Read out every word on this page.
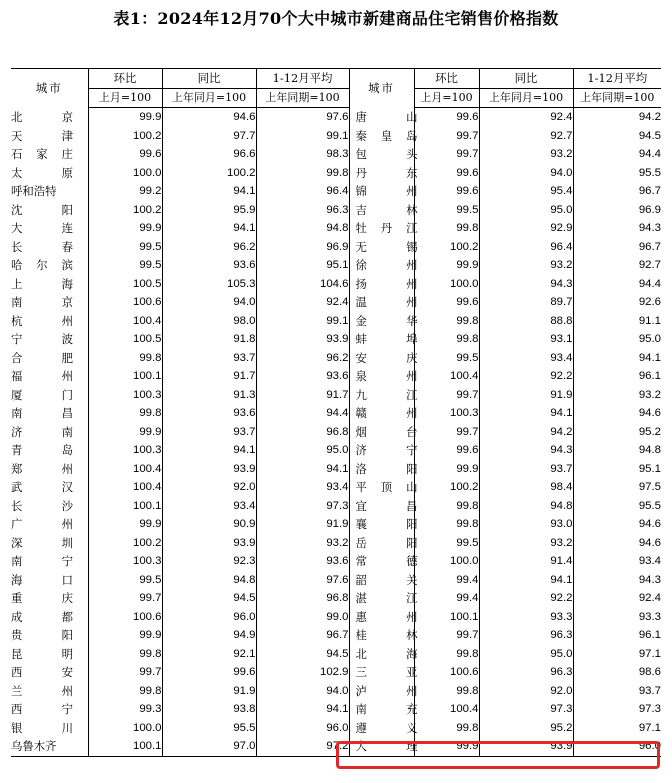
表1：2024年12月70个大中城市新建商品住宅销售价格指数
城市	环比	同比	1-12月平均	城市	环比	同比	1-12月平均
	上月=100	上年同月=100	上年同期=100		上月=100	上年同月=100	上年同期=100

北 京	99.9	94.6	97.6	唐 山	99.6	92.4	94.2

天 津	100.2	97.7	99.1	秦 皇 岛	99.7	92.7	94.5

石 家 庄	99.6	96.6	98.3	包 头	99.7	93.2	94.4

太 原	100.0	100.2	99.8	丹 东	99.6	94.0	95.5
呼和浩特	99.2	94.1	96.4	锦 州	99.6	95.4	96.7

沈 阳	100.2	95.9	96.3	吉 林	99.5	95.0	96.9

大 连	99.9	94.1	94.8	牡 丹 江	99.8	92.9	94.3

长 春	99.5	96.2	96.9	无 锡	100.2	96.4	96.7

哈 尔 滨	99.5	93.6	95.1	徐 州	99.9	93.2	92.7

上 海	100.5	105.3	104.6	扬 州	100.0	94.3	94.4

南 京	100.6	94.0	92.4	温 州	99.6	89.7	92.6

杭 州	100.4	98.0	99.1	金 华	99.8	88.8	91.1

宁 波	100.5	91.8	93.9	蚌 埠	99.8	93.1	95.0

合 肥	99.8	93.7	96.2	安 庆	99.5	93.4	94.1

福 州	100.1	91.7	93.6	泉 州	100.4	92.2	96.1

厦 门	100.3	91.3	91.7	九 江	99.7	91.9	93.2

南 昌	99.8	93.6	94.4	赣 州	100.3	94.1	94.6

济 南	99.9	93.7	96.8	烟 台	99.7	94.2	95.2

青 岛	100.3	94.1	95.0	济 宁	99.6	94.3	94.8

郑 州	100.4	93.9	94.1	洛 阳	99.9	93.7	95.1

武 汉	100.4	92.0	93.4	平 顶 山	100.2	98.4	97.5

长 沙	100.1	93.4	97.3	宜 昌	99.8	94.8	95.5

广 州	99.9	90.9	91.9	襄 阳	99.8	93.0	94.6

深 圳	100.2	93.9	93.2	岳 阳	99.5	93.2	94.6

南 宁	100.3	92.3	93.6	常 德	100.0	91.4	93.4

海 口	99.5	94.8	97.6	韶 关	99.4	94.1	94.3

重 庆	99.7	94.5	96.8	湛 江	99.4	92.2	92.4

成 都	100.6	96.0	99.0	惠 州	100.1	93.3	93.3

贵 阳	99.9	94.9	96.7	桂 林	99.7	96.3	96.1

昆 明	99.8	92.1	94.5	北 海	99.8	95.0	97.1

西 安	99.7	99.6	102.9	三 亚	100.6	96.3	98.6

兰 州	99.8	91.9	94.0	泸 州	99.8	92.0	93.7

西 宁	99.3	93.8	94.1	南 充	100.4	97.3	97.3

银 川	100.0	95.5	96.0	遵 义	99.8	95.2	97.1
乌鲁木齐	100.1	97.0	97.2	大 理	99.9	93.9	96.0
